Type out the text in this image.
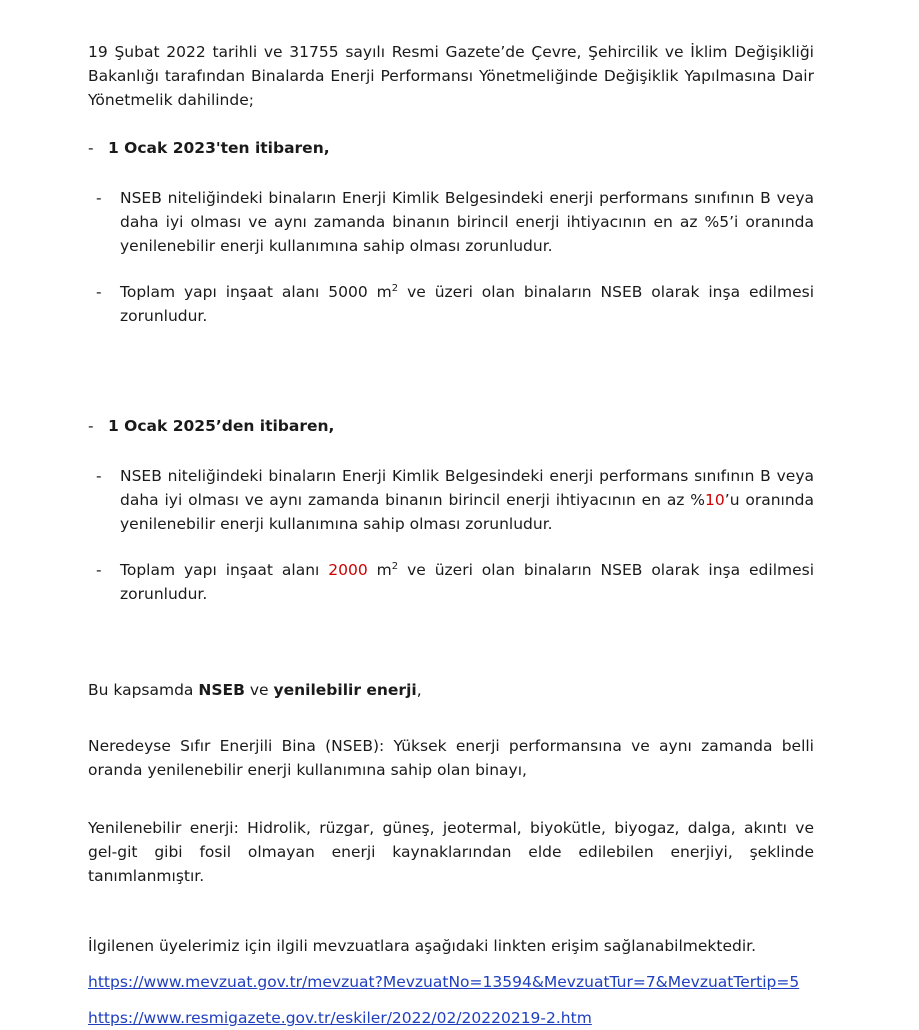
19 Şubat 2022 tarihli ve 31755 sayılı Resmi Gazete’de Çevre, Şehircilik ve İklim Değişikliği Bakanlığı tarafından Binalarda Enerji Performansı Yönetmeliğinde Değişiklik Yapılmasına Dair Yönetmelik dahilinde;

- 1 Ocak 2023'ten itibaren,
-	NSEB niteliğindeki binaların Enerji Kimlik Belgesindeki enerji performans sınıfının B veya daha iyi olması ve aynı zamanda binanın birincil enerji ihtiyacının en az %5’i oranında yenilenebilir enerji kullanımına sahip olması zorunludur.

-	Toplam yapı inşaat alanı 5000 $m^2$ ve üzeri olan binaların NSEB olarak inşa edilmesi zorunludur.

- 1 Ocak 2025’den itibaren,
-	NSEB niteliğindeki binaların Enerji Kimlik Belgesindeki enerji performans sınıfının B veya daha iyi olması ve aynı zamanda binanın birincil enerji ihtiyacının en az %10’u oranında yenilenebilir enerji kullanımına sahip olması zorunludur.

-	Toplam yapı inşaat alanı 2000 $m^2$ ve üzeri olan binaların NSEB olarak inşa edilmesi zorunludur.

Bu kapsamda NSEB ve yenilebilir enerji,

Neredeyse Sıfır Enerjili Bina (NSEB): Yüksek enerji performansına ve aynı zamanda belli oranda yenilenebilir enerji kullanımına sahip olan binayı,

Yenilenebilir enerji: Hidrolik, rüzgar, güneş, jeotermal, biyokütle, biyogaz, dalga, akıntı ve gel-git gibi fosil olmayan enerji kaynaklarından elde edilebilen enerjiyi, şeklinde tanımlanmıştır.

İlgilenen üyelerimiz için ilgili mevzuatlara aşağıdaki linkten erişim sağlanabilmektedir.

https://www.mevzuat.gov.tr/mevzuat?MevzuatNo=13594&MevzuatTur=7&MevzuatTertip=5

https://www.resmigazete.gov.tr/eskiler/2022/02/20220219-2.htm
